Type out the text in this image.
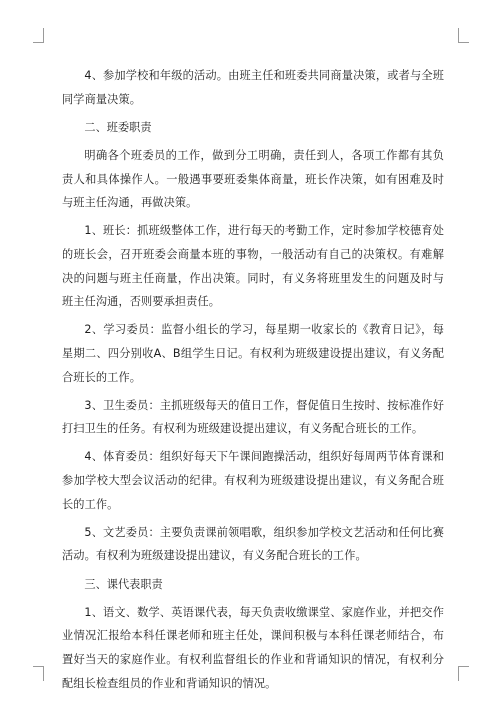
4、参加学校和年级的活动。由班主任和班委共同商量决策，或者与全班同学商量决策。

二、班委职责

明确各个班委员的工作，做到分工明确，责任到人，各项工作都有其负责人和具体操作人。一般遇事要班委集体商量，班长作决策，如有困难及时与班主任沟通，再做决策。

1、班长：抓班级整体工作，进行每天的考勤工作，定时参加学校德育处的班长会，召开班委会商量本班的事物，一般活动有自己的决策权。有难解决的问题与班主任商量，作出决策。同时，有义务将班里发生的问题及时与班主任沟通，否则要承担责任。

2、学习委员：监督小组长的学习，每星期一收家长的《教育日记》，每星期二、四分别收A、B组学生日记。有权利为班级建设提出建议，有义务配合班长的工作。

3、卫生委员：主抓班级每天的值日工作，督促值日生按时、按标准作好打扫卫生的任务。有权利为班级建设提出建议，有义务配合班长的工作。

4、体育委员：组织好每天下午课间跑操活动，组织好每周两节体育课和参加学校大型会议活动的纪律。有权利为班级建设提出建议，有义务配合班长的工作。

5、文艺委员：主要负责课前领唱歌，组织参加学校文艺活动和任何比赛活动。有权利为班级建设提出建议，有义务配合班长的工作。

三、课代表职责

1、语文、数学、英语课代表，每天负责收缴课堂、家庭作业，并把交作业情况汇报给本科任课老师和班主任处，课间积极与本科任课老师结合，布置好当天的家庭作业。有权利监督组长的作业和背诵知识的情况，有权利分配组长检查组员的作业和背诵知识的情况。
